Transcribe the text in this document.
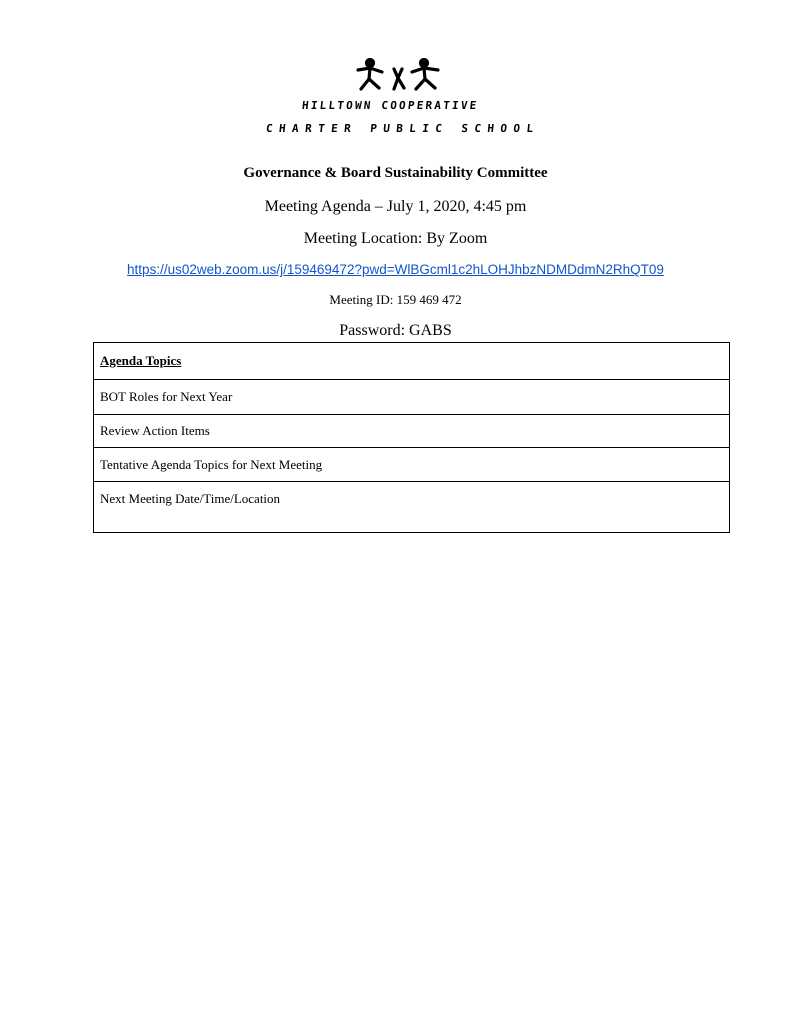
HILLTOWN COOPERATIVE
CHARTER PUBLIC SCHOOL
Governance & Board Sustainability Committee
Meeting Agenda – July 1, 2020, 4:45 pm
Meeting Location: By Zoom
https://us02web.zoom.us/j/159469472?pwd=WlBGcml1c2hLOHJhbzNDMDdmN2RhQT09
Meeting ID: 159 469 472
Password: GABS
Agenda Topics
BOT Roles for Next Year
Review Action Items
Tentative Agenda Topics for Next Meeting
Next Meeting Date/Time/Location
